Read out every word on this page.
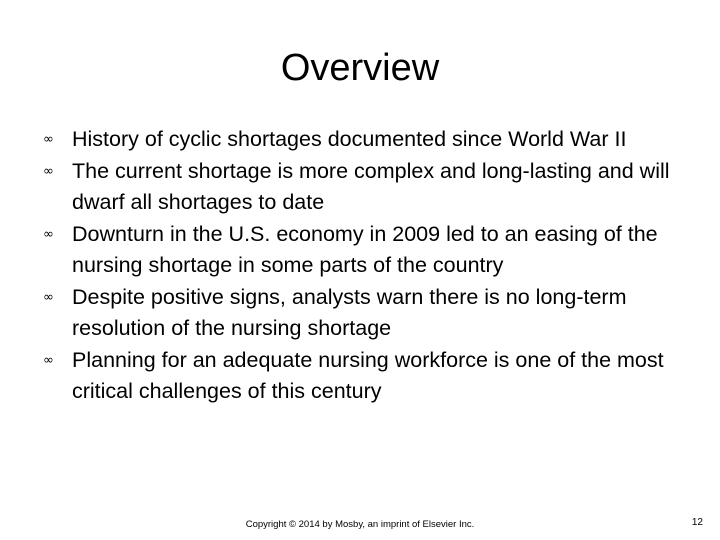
Overview
∞ History of cyclic shortages documented since World War II
∞ The current shortage is more complex and long-lasting and will dwarf all shortages to date
∞ Downturn in the U.S. economy in 2009 led to an easing of the nursing shortage in some parts of the country
∞ Despite positive signs, analysts warn there is no long-term resolution of the nursing shortage
∞ Planning for an adequate nursing workforce is one of the most critical challenges of this century
Copyright © 2014 by Mosby, an imprint of Elsevier Inc.	12
